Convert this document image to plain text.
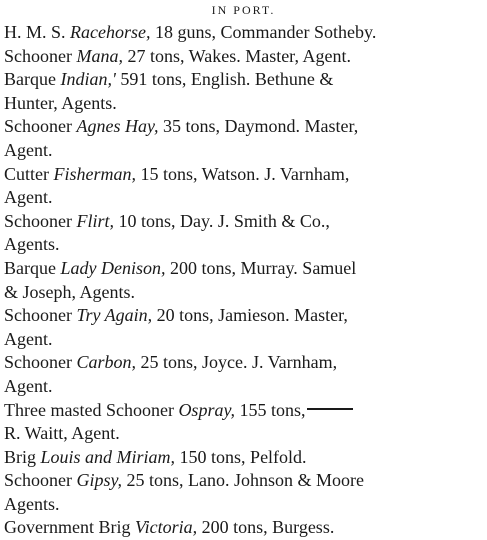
IN PORT.

H. M. S. Racehorse, 18 guns, Commander Sotheby.

Schooner Mana, 27 tons, Wakes. Master, Agent.

Barque Indian,' 591 tons, English. Bethune &
Hunter, Agents.

Schooner Agnes Hay, 35 tons, Daymond. Master,
Agent.

Cutter Fisherman, 15 tons, Watson. J. Varnham,
Agent.

Schooner Flirt, 10 tons, Day. J. Smith & Co.,
Agents.

Barque Lady Denison, 200 tons, Murray. Samuel
& Joseph, Agents.

Schooner Try Again, 20 tons, Jamieson. Master,
Agent.

Schooner Carbon, 25 tons, Joyce. J. Varnham,
Agent.

Three masted Schooner Ospray, 155 tons,
R. Waitt, Agent.

Brig Louis and Miriam, 150 tons, Pelfold.

Schooner Gipsy, 25 tons, Lano. Johnson & Moore
Agents.

Government Brig Victoria, 200 tons, Burgess.
